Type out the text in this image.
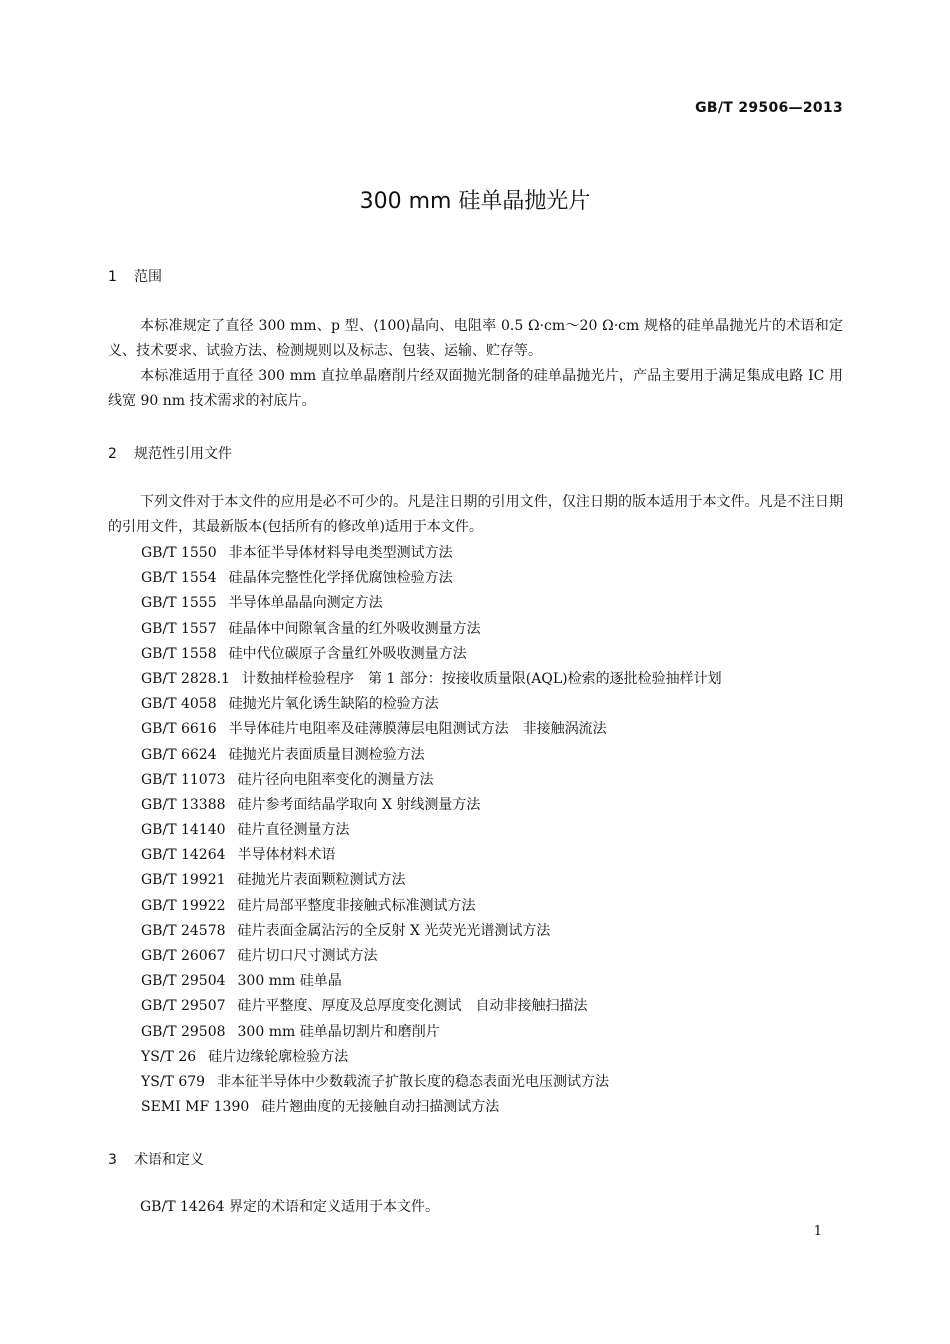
GB/T 29506—2013
300 mm 硅单晶抛光片
1 范围

本标准规定了直径 300 mm、p 型、⟨100⟩晶向、电阻率 0.5 Ω·cm～20 Ω·cm 规格的硅单晶抛光片的术语和定义、技术要求、试验方法、检测规则以及标志、包装、运输、贮存等。

本标准适用于直径 300 mm 直拉单晶磨削片经双面抛光制备的硅单晶抛光片，产品主要用于满足集成电路 IC 用线宽 90 nm 技术需求的衬底片。

2 规范性引用文件

下列文件对于本文件的应用是必不可少的。凡是注日期的引用文件，仅注日期的版本适用于本文件。凡是不注日期的引用文件，其最新版本(包括所有的修改单)适用于本文件。

GB/T 1550 非本征半导体材料导电类型测试方法
GB/T 1554 硅晶体完整性化学择优腐蚀检验方法
GB/T 1555 半导体单晶晶向测定方法
GB/T 1557 硅晶体中间隙氧含量的红外吸收测量方法
GB/T 1558 硅中代位碳原子含量红外吸收测量方法
GB/T 2828.1 计数抽样检验程序　第 1 部分：按接收质量限(AQL)检索的逐批检验抽样计划
GB/T 4058 硅抛光片氧化诱生缺陷的检验方法
GB/T 6616 半导体硅片电阻率及硅薄膜薄层电阻测试方法　非接触涡流法
GB/T 6624 硅抛光片表面质量目测检验方法
GB/T 11073 硅片径向电阻率变化的测量方法
GB/T 13388 硅片参考面结晶学取向 X 射线测量方法
GB/T 14140 硅片直径测量方法
GB/T 14264 半导体材料术语
GB/T 19921 硅抛光片表面颗粒测试方法
GB/T 19922 硅片局部平整度非接触式标准测试方法
GB/T 24578 硅片表面金属沾污的全反射 X 光荧光光谱测试方法
GB/T 26067 硅片切口尺寸测试方法
GB/T 29504 300 mm 硅单晶
GB/T 29507 硅片平整度、厚度及总厚度变化测试　自动非接触扫描法
GB/T 29508 300 mm 硅单晶切割片和磨削片
YS/T 26 硅片边缘轮廓检验方法
YS/T 679 非本征半导体中少数载流子扩散长度的稳态表面光电压测试方法
SEMI MF 1390 硅片翘曲度的无接触自动扫描测试方法
3 术语和定义

GB/T 14264 界定的术语和定义适用于本文件。

1
